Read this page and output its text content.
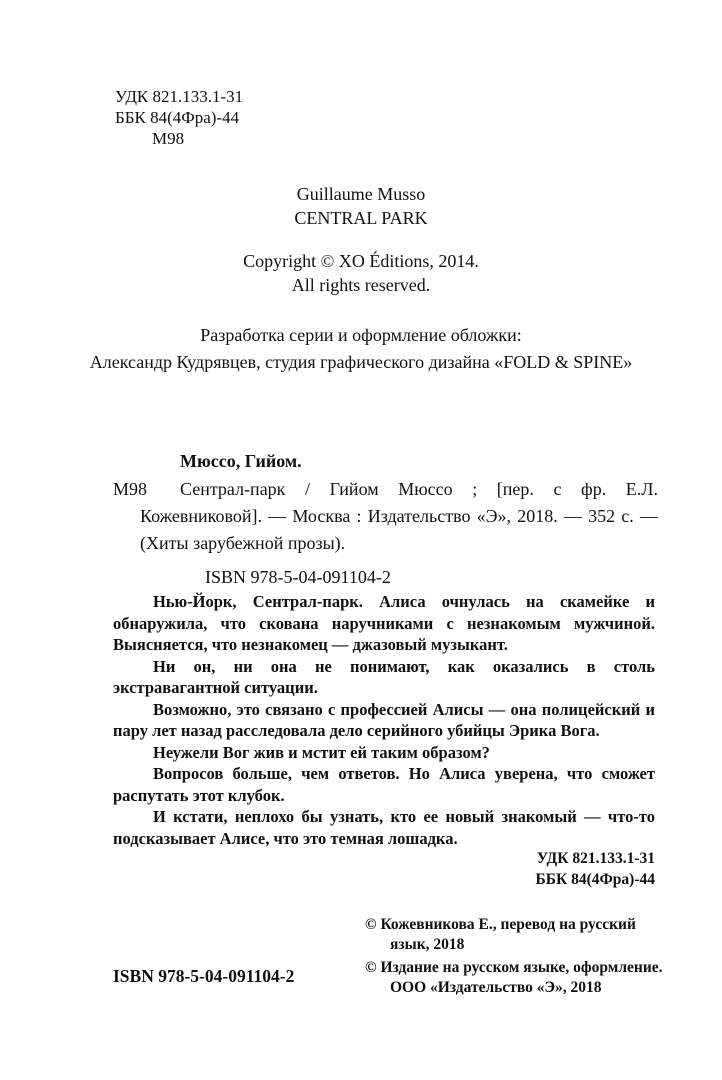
УДК 821.133.1-31
ББК 84(4Фра)-44
М98
Guillaume Musso
CENTRAL PARK
Copyright © XO Éditions, 2014.
All rights reserved.
Разработка серии и оформление обложки:
Александр Кудрявцев, студия графического дизайна «FOLD & SPINE»

Мюссо, Гийом.

М98 Сентрал-парк / Гийом Мюссо ; [пер. с фр. Е.Л. Кожевниковой]. — Москва : Издательство «Э», 2018. — 352 с. — (Хиты зарубежной прозы).

ISBN 978-5-04-091104-2

Нью-Йорк, Сентрал-парк. Алиса очнулась на скамейке и обнаружила, что скована наручниками с незнакомым мужчиной. Выясняется, что незнакомец — джазовый музыкант.

Ни он, ни она не понимают, как оказались в столь экстравагантной ситуации.

Возможно, это связано с профессией Алисы — она полицейский и пару лет назад расследовала дело серийного убийцы Эрика Вога.

Неужели Вог жив и мстит ей таким образом?

Вопросов больше, чем ответов. Но Алиса уверена, что сможет распутать этот клубок.

И кстати, неплохо бы узнать, кто ее новый знакомый — что-то подсказывает Алисе, что это темная лошадка.

УДК 821.133.1-31
ББК 84(4Фра)-44

© Кожевникова Е., перевод на русский язык, 2018

© Издание на русском языке, оформление. ООО «Издательство «Э», 2018

ISBN 978-5-04-091104-2
